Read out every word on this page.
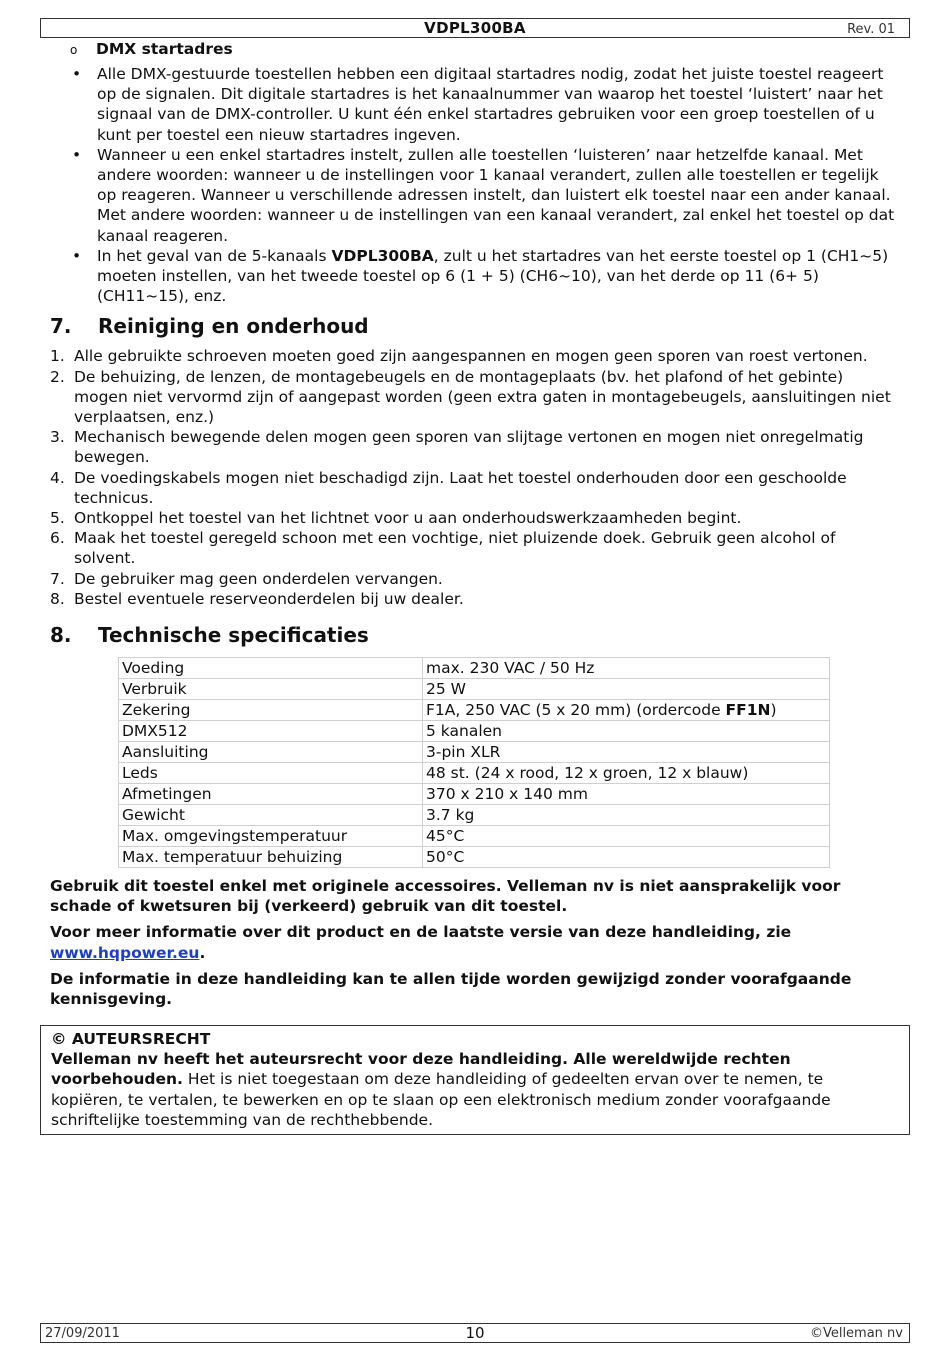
VDPL300BA	Rev. 01
o	DMX startadres
• Alle DMX-gestuurde toestellen hebben een digitaal startadres nodig, zodat het juiste toestel reageert op de signalen. Dit digitale startadres is het kanaalnummer van waarop het toestel ‘luistert’ naar het signaal van de DMX-controller. U kunt één enkel startadres gebruiken voor een groep toestellen of u kunt per toestel een nieuw startadres ingeven.
• Wanneer u een enkel startadres instelt, zullen alle toestellen ‘luisteren’ naar hetzelfde kanaal. Met andere woorden: wanneer u de instellingen voor 1 kanaal verandert, zullen alle toestellen er tegelijk op reageren. Wanneer u verschillende adressen instelt, dan luistert elk toestel naar een ander kanaal. Met andere woorden: wanneer u de instellingen van een kanaal verandert, zal enkel het toestel op dat kanaal reageren.
• In het geval van de 5-kanaals VDPL300BA, zult u het startadres van het eerste toestel op 1 (CH1~5) moeten instellen, van het tweede toestel op 6 (1 + 5) (CH6~10), van het derde op 11 (6+ 5) (CH11~15), enz.
7.	Reiniging en onderhoud
1. Alle gebruikte schroeven moeten goed zijn aangespannen en mogen geen sporen van roest vertonen.
2. De behuizing, de lenzen, de montagebeugels en de montageplaats (bv. het plafond of het gebinte) mogen niet vervormd zijn of aangepast worden (geen extra gaten in montagebeugels, aansluitingen niet verplaatsen, enz.)
3. Mechanisch bewegende delen mogen geen sporen van slijtage vertonen en mogen niet onregelmatig bewegen.
4. De voedingskabels mogen niet beschadigd zijn. Laat het toestel onderhouden door een geschoolde technicus.
5. Ontkoppel het toestel van het lichtnet voor u aan onderhoudswerkzaamheden begint.
6. Maak het toestel geregeld schoon met een vochtige, niet pluizende doek. Gebruik geen alcohol of solvent.
7. De gebruiker mag geen onderdelen vervangen.
8. Bestel eventuele reserveonderdelen bij uw dealer.
8.	Technische specificaties
Voeding	max. 230 VAC / 50 Hz
Verbruik	25 W
Zekering	F1A, 250 VAC (5 x 20 mm) (ordercode FF1N)
DMX512	5 kanalen
Aansluiting	3-pin XLR
Leds	48 st. (24 x rood, 12 x groen, 12 x blauw)
Afmetingen	370 x 210 x 140 mm
Gewicht	3.7 kg
Max. omgevingstemperatuur	45°C
Max. temperatuur behuizing	50°C

Gebruik dit toestel enkel met originele accessoires. Velleman nv is niet aansprakelijk voor schade of kwetsuren bij (verkeerd) gebruik van dit toestel.

Voor meer informatie over dit product en de laatste versie van deze handleiding, zie www.hqpower.eu.

De informatie in deze handleiding kan te allen tijde worden gewijzigd zonder voorafgaande kennisgeving.

© AUTEURSRECHT
Velleman nv heeft het auteursrecht voor deze handleiding. Alle wereldwijde rechten voorbehouden. Het is niet toegestaan om deze handleiding of gedeelten ervan over te nemen, te kopiëren, te vertalen, te bewerken en op te slaan op een elektronisch medium zonder voorafgaande schriftelijke toestemming van de rechthebbende.
27/09/2011	10	©Velleman nv
